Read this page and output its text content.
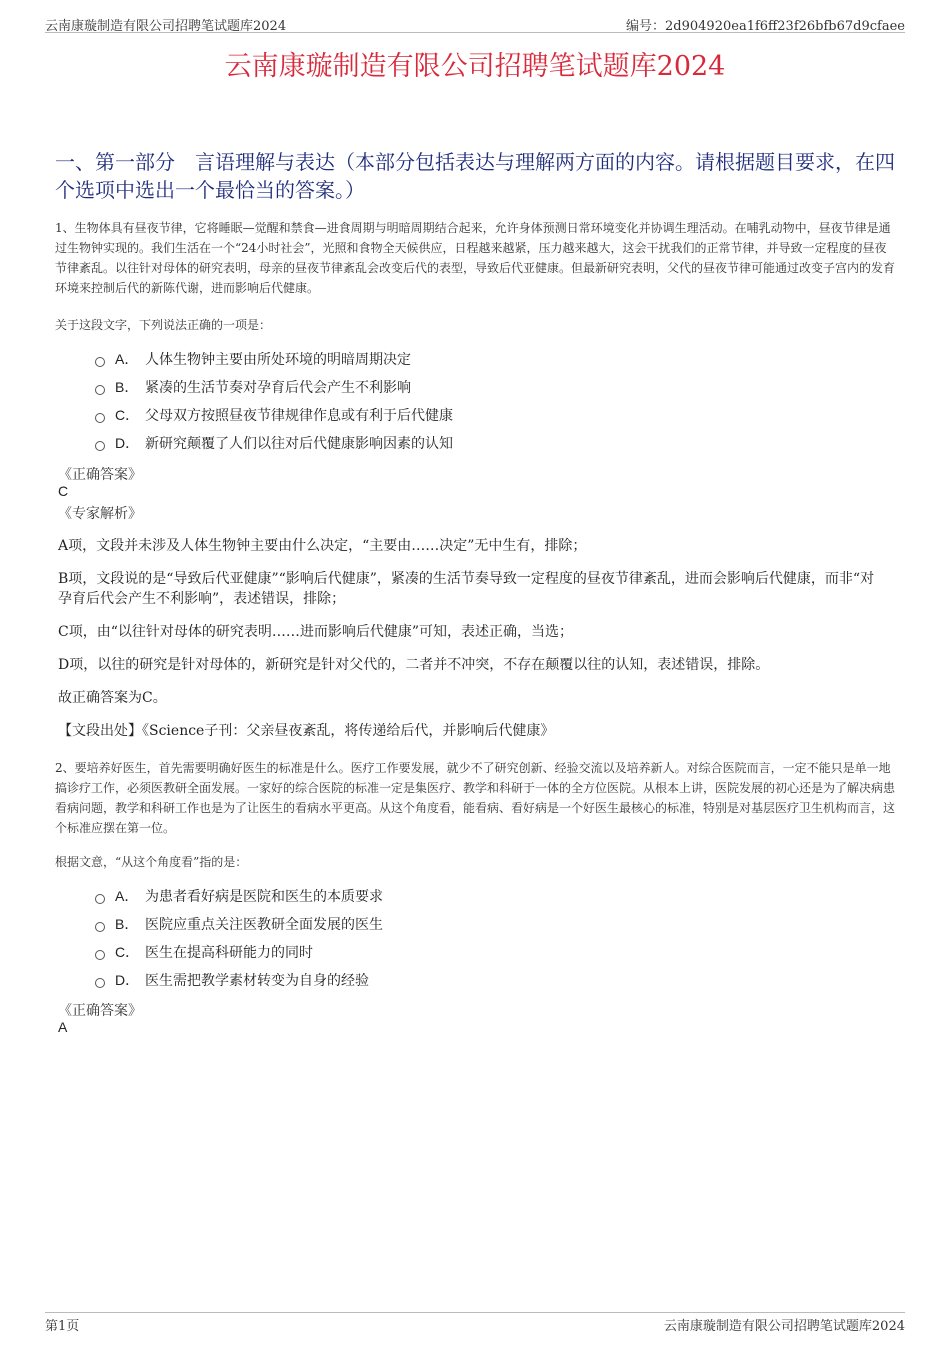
云南康璇制造有限公司招聘笔试题库2024	编号：2d904920ea1f6ff23f26bfb67d9cfaee
云南康璇制造有限公司招聘笔试题库2024
一、第一部分　言语理解与表达（本部分包括表达与理解两方面的内容。请根据题目要求，在四个选项中选出一个最恰当的答案。）
1、生物体具有昼夜节律，它将睡眠—觉醒和禁食—进食周期与明暗周期结合起来，允许身体预测日常环境变化并协调生理活动。在哺乳动物中，昼夜节律是通过生物钟实现的。我们生活在一个“24小时社会”，光照和食物全天候供应，日程越来越紧，压力越来越大，这会干扰我们的正常节律，并导致一定程度的昼夜节律紊乱。以往针对母体的研究表明，母亲的昼夜节律紊乱会改变后代的表型，导致后代亚健康。但最新研究表明，父代的昼夜节律可能通过改变子宫内的发育环境来控制后代的新陈代谢，进而影响后代健康。
关于这段文字，下列说法正确的一项是：
A． 人体生物钟主要由所处环境的明暗周期决定
B． 紧凑的生活节奏对孕育后代会产生不利影响
C． 父母双方按照昼夜节律规律作息或有利于后代健康
D． 新研究颠覆了人们以往对后代健康影响因素的认知
《正确答案》
C
《专家解析》
A项，文段并未涉及人体生物钟主要由什么决定，“主要由……决定”无中生有，排除；
B项，文段说的是“导致后代亚健康”“影响后代健康”，紧凑的生活节奏导致一定程度的昼夜节律紊乱，进而会影响后代健康，而非“对孕育后代会产生不利影响”，表述错误，排除；
C项，由“以往针对母体的研究表明……进而影响后代健康”可知，表述正确，当选；
D项，以往的研究是针对母体的，新研究是针对父代的，二者并不冲突，不存在颠覆以往的认知，表述错误，排除。
故正确答案为C。
【文段出处】《Science子刊：父亲昼夜紊乱，将传递给后代，并影响后代健康》
2、要培养好医生，首先需要明确好医生的标准是什么。医疗工作要发展，就少不了研究创新、经验交流以及培养新人。对综合医院而言，一定不能只是单一地搞诊疗工作，必须医教研全面发展。一家好的综合医院的标准一定是集医疗、教学和科研于一体的全方位医院。从根本上讲，医院发展的初心还是为了解决病患看病问题，教学和科研工作也是为了让医生的看病水平更高。从这个角度看，能看病、看好病是一个好医生最核心的标准，特别是对基层医疗卫生机构而言，这个标准应摆在第一位。
根据文意，“从这个角度看”指的是：
A． 为患者看好病是医院和医生的本质要求
B． 医院应重点关注医教研全面发展的医生
C． 医生在提高科研能力的同时
D． 医生需把教学素材转变为自身的经验
《正确答案》
A
第1页	云南康璇制造有限公司招聘笔试题库2024
